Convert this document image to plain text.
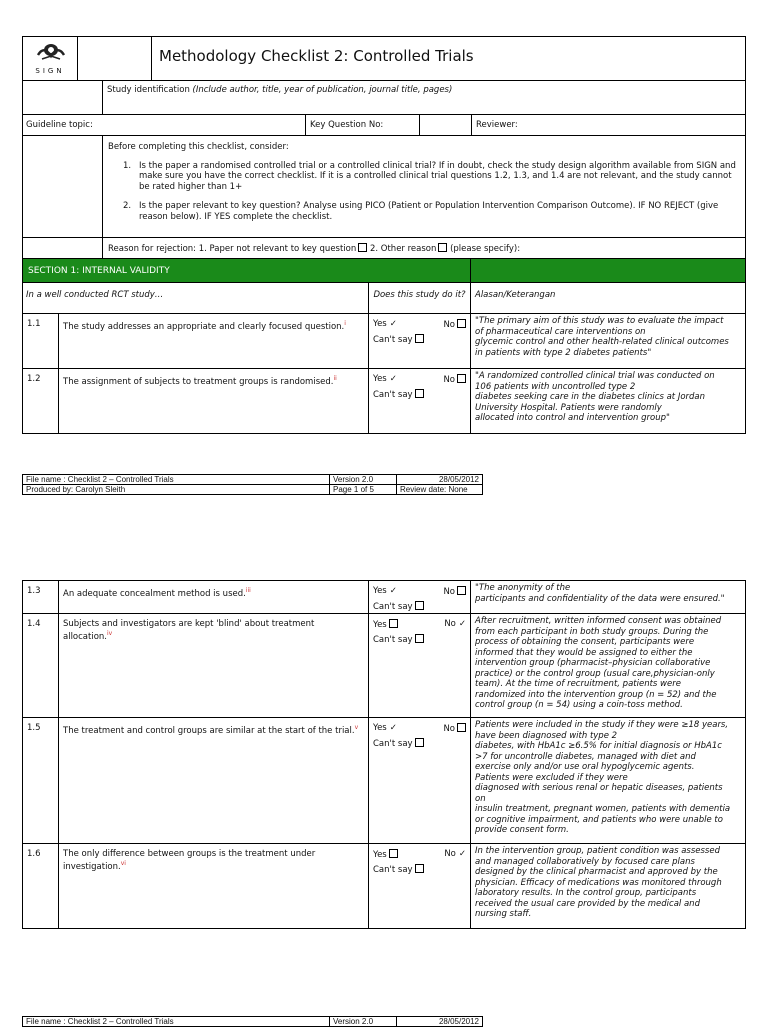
SIGN
Methodology Checklist 2: Controlled Trials
Study identification (Include author, title, year of publication, journal title, pages)
Guideline topic:	Key Question No:	Reviewer:
Before completing this checklist, consider:
1. Is the paper a randomised controlled trial or a controlled clinical trial? If in doubt, check the study design algorithm available from SIGN and make sure you have the correct checklist. If it is a controlled clinical trial questions 1.2, 1.3, and 1.4 are not relevant, and the study cannot be rated higher than 1+
2. Is the paper relevant to key question? Analyse using PICO (Patient or Population Intervention Comparison Outcome). IF NO REJECT (give reason below). IF YES complete the checklist.
Reason for rejection: 1. Paper not relevant to key question 2. Other reason (please specify):
SECTION 1: INTERNAL VALIDITY
In a well conducted RCT study…	Does this study do it?	Alasan/Keterangan
1.1	The study addresses an appropriate and clearly focused question.$^i$	Yes ✓	No
Can't say
"The primary aim of this study was to evaluate the impact
of pharmaceutical care interventions on
glycemic control and other health-related clinical outcomes
in patients with type 2 diabetes patients"
1.2	The assignment of subjects to treatment groups is randomised.$^{ii}$	Yes ✓	No
Can't say
"A randomized controlled clinical trial was conducted on
106 patients with uncontrolled type 2
diabetes seeking care in the diabetes clinics at Jordan
University Hospital. Patients were randomly
allocated into control and intervention group"
File name : Checklist 2 – Controlled Trials	Version 2.0	28/05/2012
Produced by: Carolyn Sleith	Page 1 of 5	Review date: None
1.3	An adequate concealment method is used.$^{iii}$	Yes ✓	No
Can't say
"The anonymity of the
participants and confidentiality of the data were ensured."
1.4	Subjects and investigators are kept 'blind' about treatment allocation.$^{iv}$
Yes	No ✓
Can't say
After recruitment, written informed consent was obtained
from each participant in both study groups. During the
process of obtaining the consent, participants were
informed that they would be assigned to either the
intervention group (pharmacist–physician collaborative
practice) or the control group (usual care,physician-only
team). At the time of recruitment, patients were
randomized into the intervention group (n = 52) and the
control group (n = 54) using a coin-toss method.
1.5	The treatment and control groups are similar at the start of the trial.$^v$	Yes ✓	No
Can't say
Patients were included in the study if they were ≥18 years,
have been diagnosed with type 2
diabetes, with HbA1c ≥6.5% for initial diagnosis or HbA1c
>7 for uncontrolle diabetes, managed with diet and
exercise only and/or use oral hypoglycemic agents.
Patients were excluded if they were
diagnosed with serious renal or hepatic diseases, patients
on
insulin treatment, pregnant women, patients with dementia
or cognitive impairment, and patients who were unable to
provide consent form.
1.6	The only difference between groups is the treatment under investigation.$^{vi}$
Yes	No ✓
Can't say
In the intervention group, patient condition was assessed
and managed collaboratively by focused care plans
designed by the clinical pharmacist and approved by the
physician. Efficacy of medications was monitored through
laboratory results. In the control group, participants
received the usual care provided by the medical and
nursing staff.
File name : Checklist 2 – Controlled Trials	Version 2.0	28/05/2012
